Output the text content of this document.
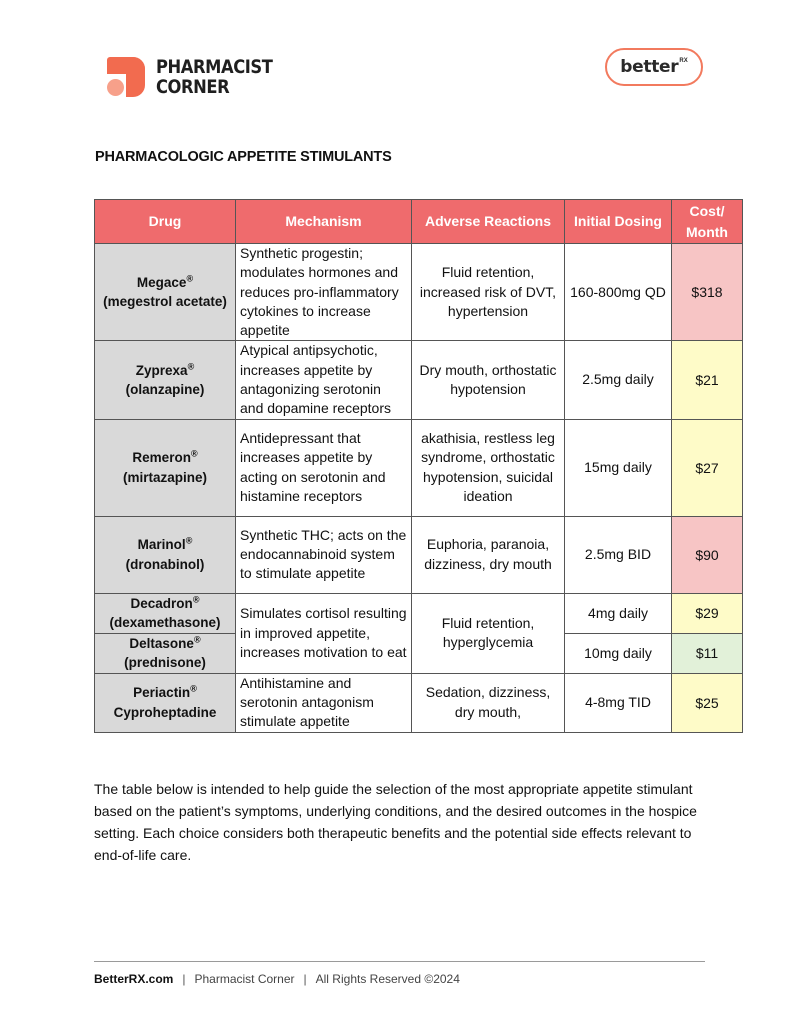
PHARMACIST
CORNER
better RX
PHARMACOLOGIC APPETITE STIMULANTS
Drug	Mechanism	Adverse Reactions	Initial Dosing	Cost/ Month
Megace®
(megestrol acetate)	Synthetic progestin; modulates hormones and reduces pro-inflammatory cytokines to increase appetite	Fluid retention, increased risk of DVT, hypertension	160-800mg QD	$318
Zyprexa®
(olanzapine)	Atypical antipsychotic, increases appetite by antagonizing serotonin and dopamine receptors	Dry mouth, orthostatic hypotension	2.5mg daily	$21
Remeron®
(mirtazapine)	Antidepressant that increases appetite by acting on serotonin and histamine receptors	akathisia, restless leg syndrome, orthostatic hypotension, suicidal ideation	15mg daily	$27
Marinol®
(dronabinol)	Synthetic THC; acts on the endocannabinoid system to stimulate appetite	Euphoria, paranoia, dizziness, dry mouth	2.5mg BID	$90
Decadron®
(dexamethasone)	Simulates cortisol resulting in improved appetite, increases motivation to eat	Fluid retention, hyperglycemia	4mg daily	$29
Deltasone®
(prednisone)			10mg daily	$11
Periactin®
Cyproheptadine	Antihistamine and serotonin antagonism stimulate appetite	Sedation, dizziness, dry mouth,	4-8mg TID	$25

The table below is intended to help guide the selection of the most appropriate appetite stimulant based on the patient’s symptoms, underlying conditions, and the desired outcomes in the hospice setting. Each choice considers both therapeutic benefits and the potential side effects relevant to end-of-life care.

BetterRX.com | Pharmacist Corner | All Rights Reserved ©2024
